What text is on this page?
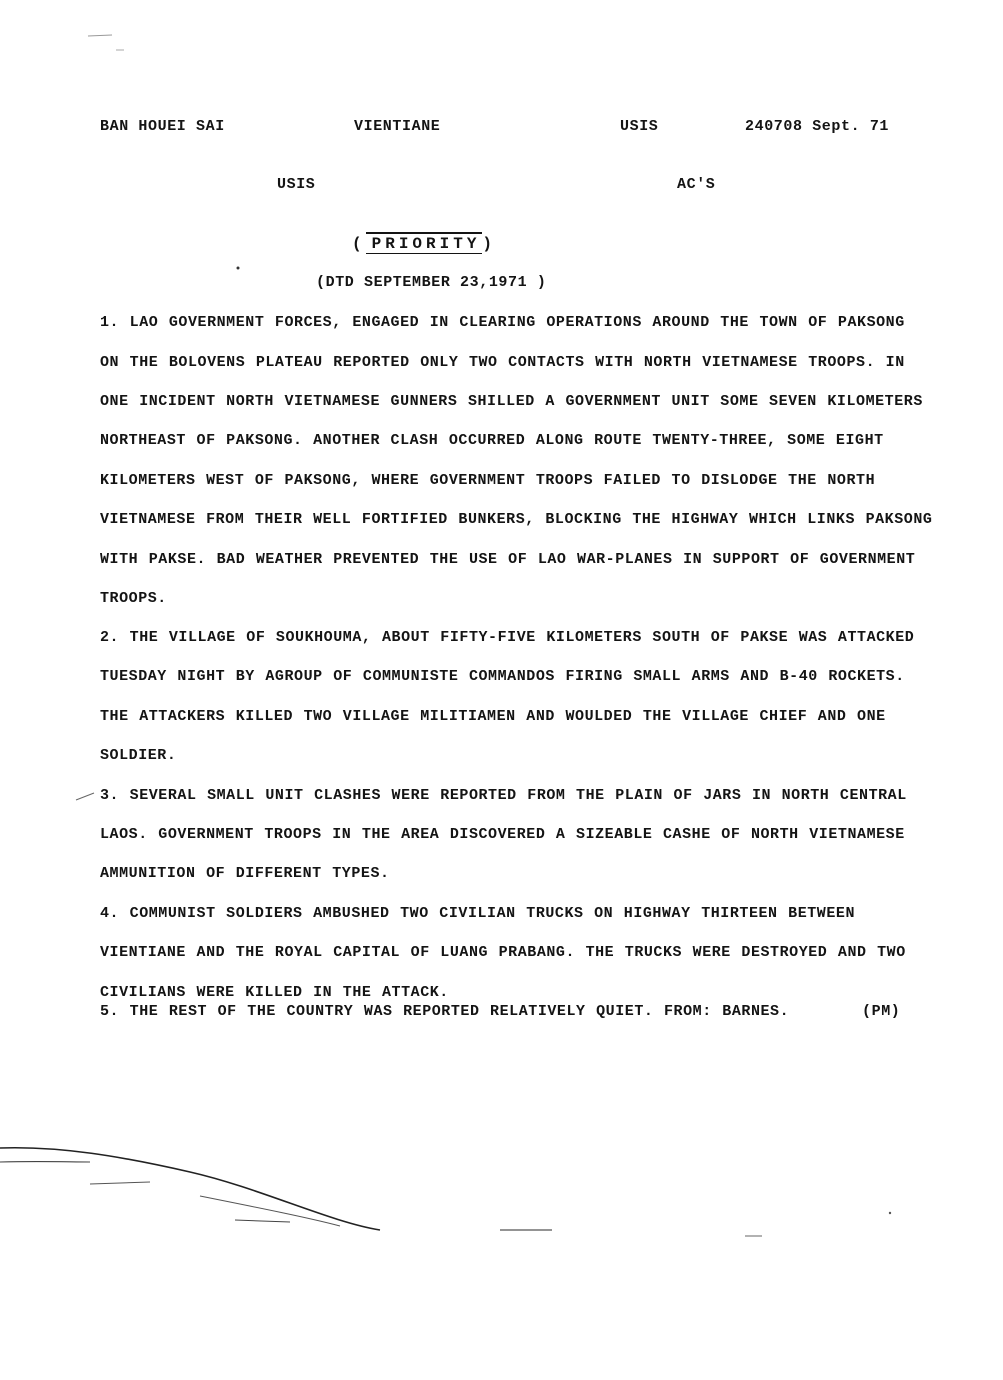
BAN HOUEI SAI	VIENTIANE	USIS	240708 Sept. 71
USIS	AC'S
( PRIORITY )
(DTD SEPTEMBER 23,1971 )
1. LAO GOVERNMENT FORCES, ENGAGED IN CLEARING OPERATIONS AROUND THE TOWN OF PAKSONG
ON THE BOLOVENS PLATEAU REPORTED ONLY TWO CONTACTS WITH NORTH VIETNAMESE TROOPS. IN
ONE INCIDENT NORTH VIETNAMESE GUNNERS SHILLED A GOVERNMENT UNIT SOME SEVEN KILOMETERS
NORTHEAST OF PAKSONG. ANOTHER CLASH OCCURRED ALONG ROUTE TWENTY-THREE, SOME EIGHT
KILOMETERS WEST OF PAKSONG, WHERE GOVERNMENT TROOPS FAILED TO DISLODGE THE NORTH
VIETNAMESE FROM THEIR WELL FORTIFIED BUNKERS, BLOCKING THE HIGHWAY WHICH LINKS PAKSONG
WITH PAKSE. BAD WEATHER PREVENTED THE USE OF LAO WAR-PLANES IN SUPPORT OF GOVERNMENT
TROOPS.
2. THE VILLAGE OF SOUKHOUMA, ABOUT FIFTY-FIVE KILOMETERS SOUTH OF PAKSE WAS ATTACKED
TUESDAY NIGHT BY AGROUP OF COMMUNISTE COMMANDOS FIRING SMALL ARMS AND B-40 ROCKETS.
THE ATTACKERS KILLED TWO VILLAGE MILITIAMEN AND WOULDED THE VILLAGE CHIEF AND ONE
SOLDIER.
3. SEVERAL SMALL UNIT CLASHES WERE REPORTED FROM THE PLAIN OF JARS IN NORTH CENTRAL
LAOS. GOVERNMENT TROOPS IN THE AREA DISCOVERED A SIZEABLE CASHE OF NORTH VIETNAMESE
AMMUNITION OF DIFFERENT TYPES.
4. COMMUNIST SOLDIERS AMBUSHED TWO CIVILIAN TRUCKS ON HIGHWAY THIRTEEN BETWEEN
VIENTIANE AND THE ROYAL CAPITAL OF LUANG PRABANG. THE TRUCKS WERE DESTROYED AND TWO
CIVILIANS WERE KILLED IN THE ATTACK.
5. THE REST OF THE COUNTRY WAS REPORTED RELATIVELY QUIET. FROM: BARNES.	(PM)
